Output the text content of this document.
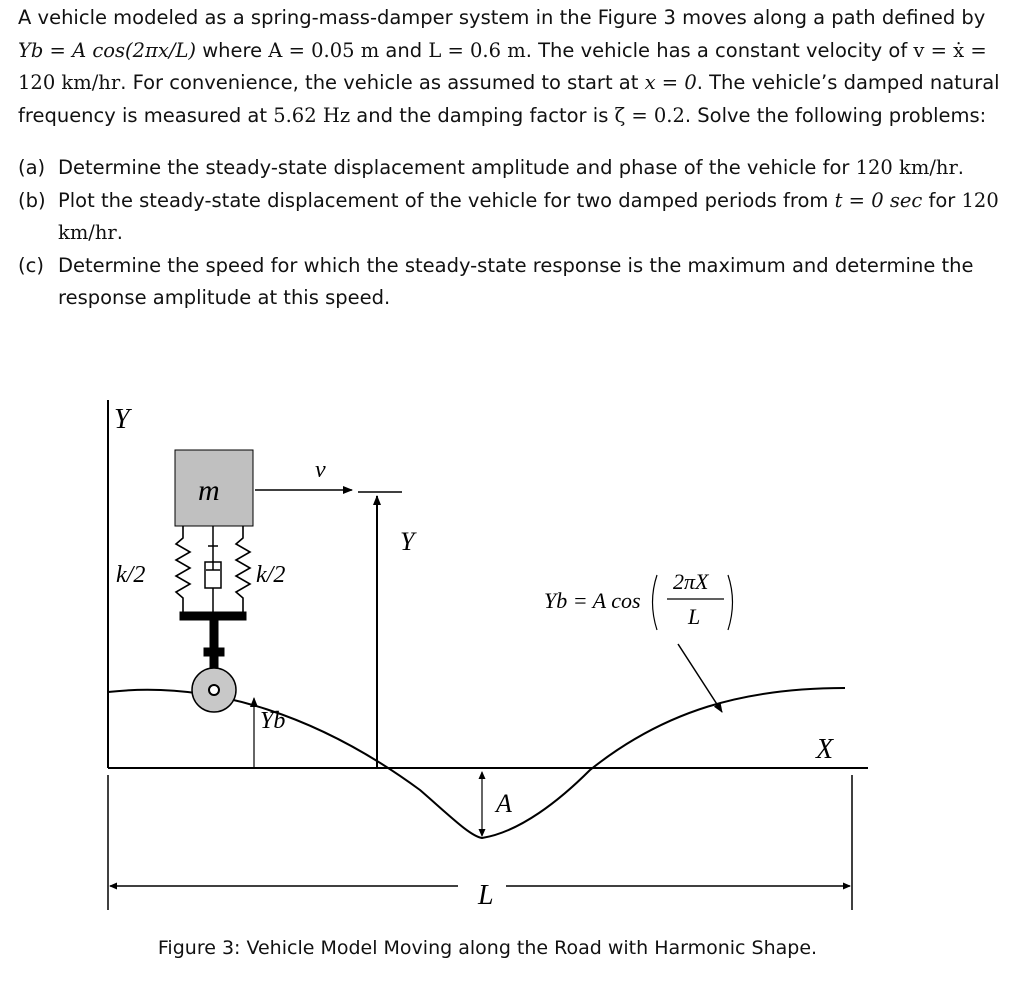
A vehicle modeled as a spring-mass-damper system in the Figure 3 moves along a path defined by Yb = A cos(2πx/L) where A = 0.05 m and L = 0.6 m. The vehicle has a constant velocity of v = ẋ = 120 km/hr. For convenience, the vehicle as assumed to start at x = 0. The vehicle’s damped natural frequency is measured at 5.62 Hz and the damping factor is ζ = 0.2. Solve the following problems:

(a) Determine the steady-state displacement amplitude and phase of the vehicle for 120 km/hr.
(b) Plot the steady-state displacement of the vehicle for two damped periods from t = 0 sec for 120 km/hr.
(c) Determine the speed for which the steady-state response is the maximum and determine the response amplitude at this speed.
Y
m
v
Y
k/2	k/2
Yb
Yb = A cos
2πX
L
X
A
L
Figure 3: Vehicle Model Moving along the Road with Harmonic Shape.
